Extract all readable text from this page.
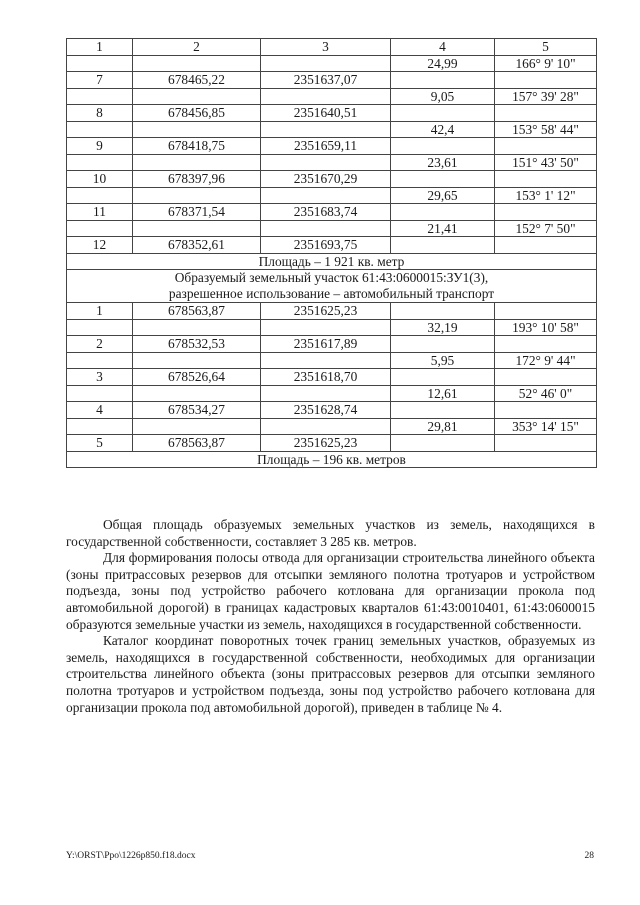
1	2	3	4	5
			24,99	166° 9' 10"
7	678465,22	2351637,07		
			9,05	157° 39' 28"
8	678456,85	2351640,51		
			42,4	153° 58' 44"
9	678418,75	2351659,11		
			23,61	151° 43' 50"
10	678397,96	2351670,29		
			29,65	153° 1' 12"
11	678371,54	2351683,74		
			21,41	152° 7' 50"
12	678352,61	2351693,75		
Площадь – 1 921 кв. метр				

Образуемый земельный участок 61:43:0600015:ЗУ1(3),
разрешенное использование – автомобильный транспорт				

1	678563,87	2351625,23		
			32,19	193° 10' 58"
2	678532,53	2351617,89		
			5,95	172° 9' 44"
3	678526,64	2351618,70		
			12,61	52° 46' 0"
4	678534,27	2351628,74		
			29,81	353° 14' 15"
5	678563,87	2351625,23		
Площадь – 196 кв. метров				

Общая площадь образуемых земельных участков из земель, находящихся в государственной собственности, составляет 3 285 кв. метров.

Для формирования полосы отвода для организации строительства линейного объекта (зоны притрассовых резервов для отсыпки земляного полотна тротуаров и устройством подъезда, зоны под устройство рабочего котлована для организации прокола под автомобильной дорогой) в границах кадастровых кварталов 61:43:0010401, 61:43:0600015 образуются земельные участки из земель, находящихся в государственной собственности.

Каталог координат поворотных точек границ земельных участков, образуемых из земель, находящихся в государственной собственности, необходимых для организации строительства линейного объекта (зоны притрассовых резервов для отсыпки земляного полотна тротуаров и устройством подъезда, зоны под устройство рабочего котлована для организации прокола под автомобильной дорогой), приведен в таблице № 4.

Y:\ORST\Ppo\1226p850.f18.docx	28
